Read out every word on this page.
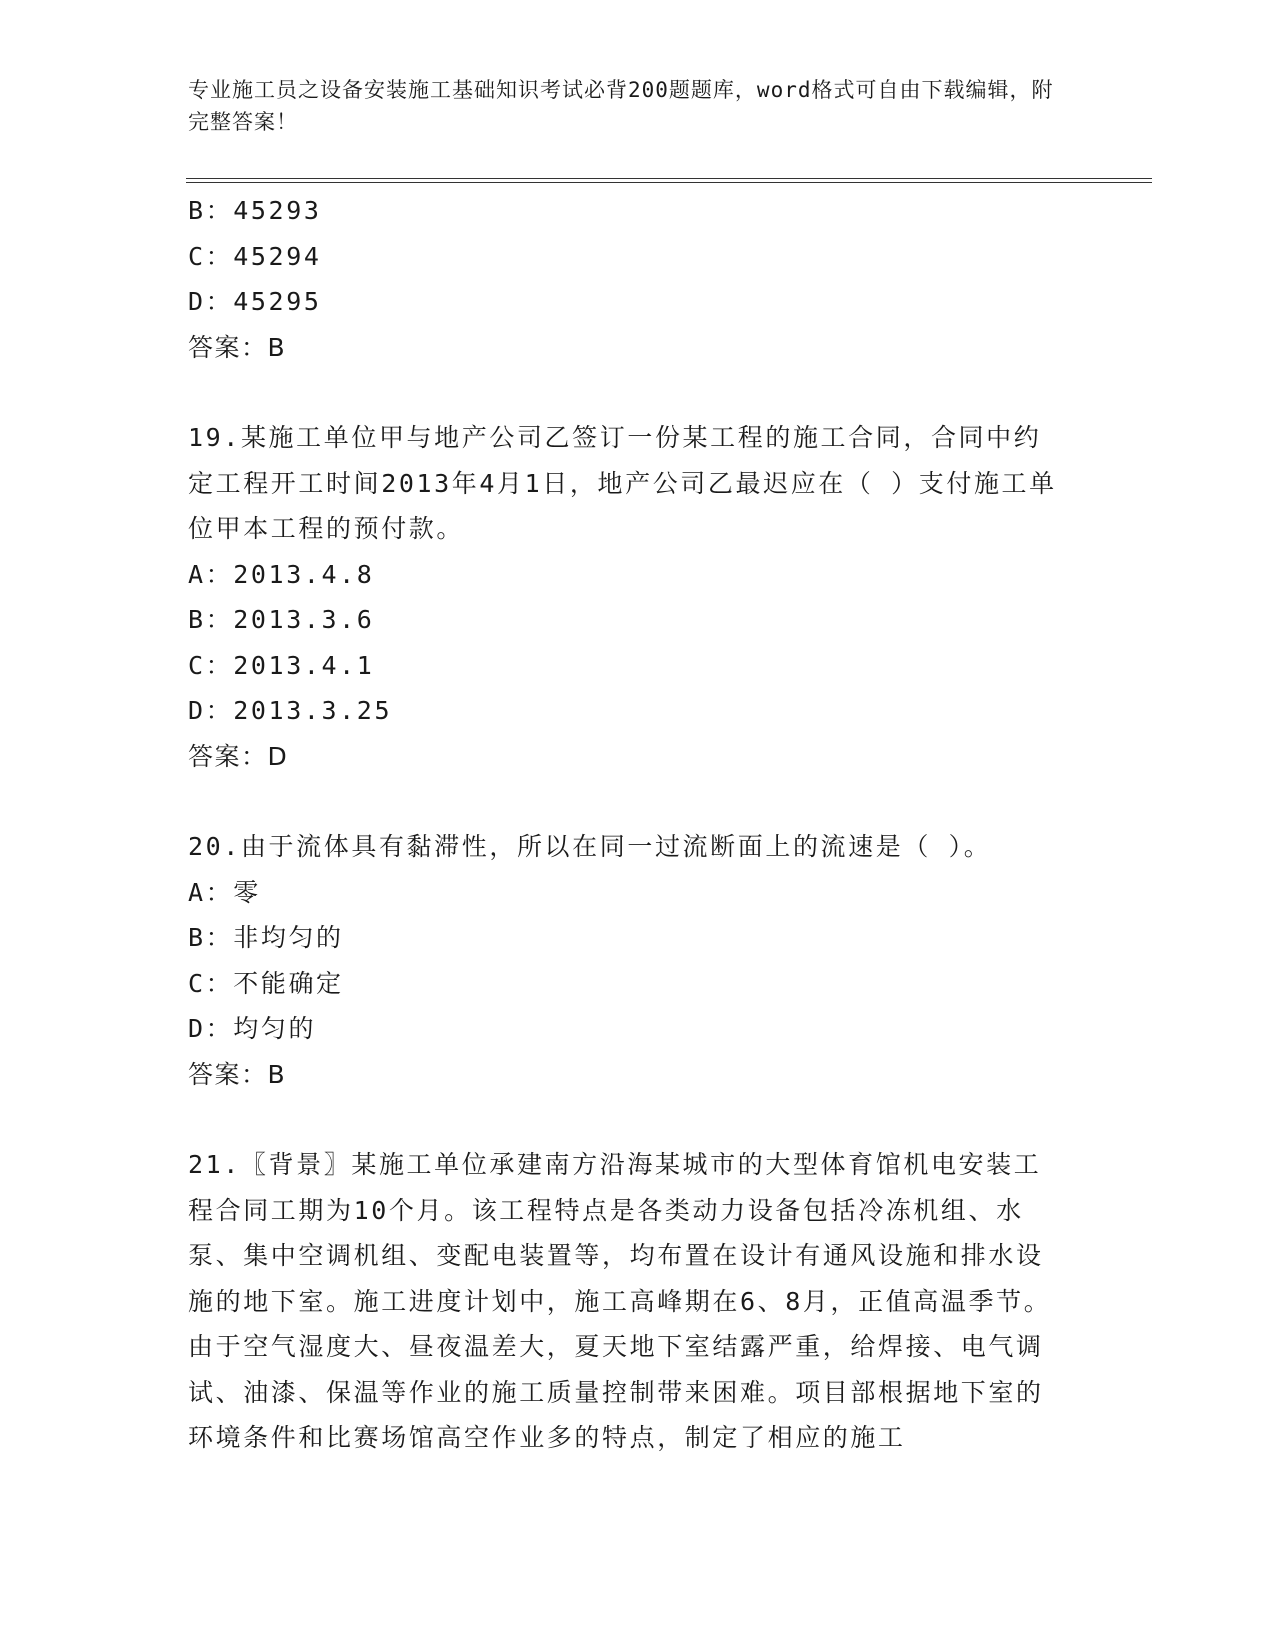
专业施工员之设备安装施工基础知识考试必背200题题库，word格式可自由下载编辑，附完整答案！

B：45293

C：45294

D：45295

答案：B

19.某施工单位甲与地产公司乙签订一份某工程的施工合同，合同中约定工程开工时间2013年4月1日，地产公司乙最迟应在（ ）支付施工单位甲本工程的预付款。

A：2013.4.8

B：2013.3.6

C：2013.4.1

D：2013.3.25

答案：D

20.由于流体具有黏滞性，所以在同一过流断面上的流速是（ ）。

A：零

B：非均匀的

C：不能确定

D：均匀的

答案：B

21.〖背景〗某施工单位承建南方沿海某城市的大型体育馆机电安装工程合同工期为10个月。该工程特点是各类动力设备包括冷冻机组、水泵、集中空调机组、变配电装置等，均布置在设计有通风设施和排水设施的地下室。施工进度计划中，施工高峰期在6、8月，正值高温季节。由于空气湿度大、昼夜温差大，夏天地下室结露严重，给焊接、电气调试、油漆、保温等作业的施工质量控制带来困难。项目部根据地下室的环境条件和比赛场馆高空作业多的特点，制定了相应的施工
